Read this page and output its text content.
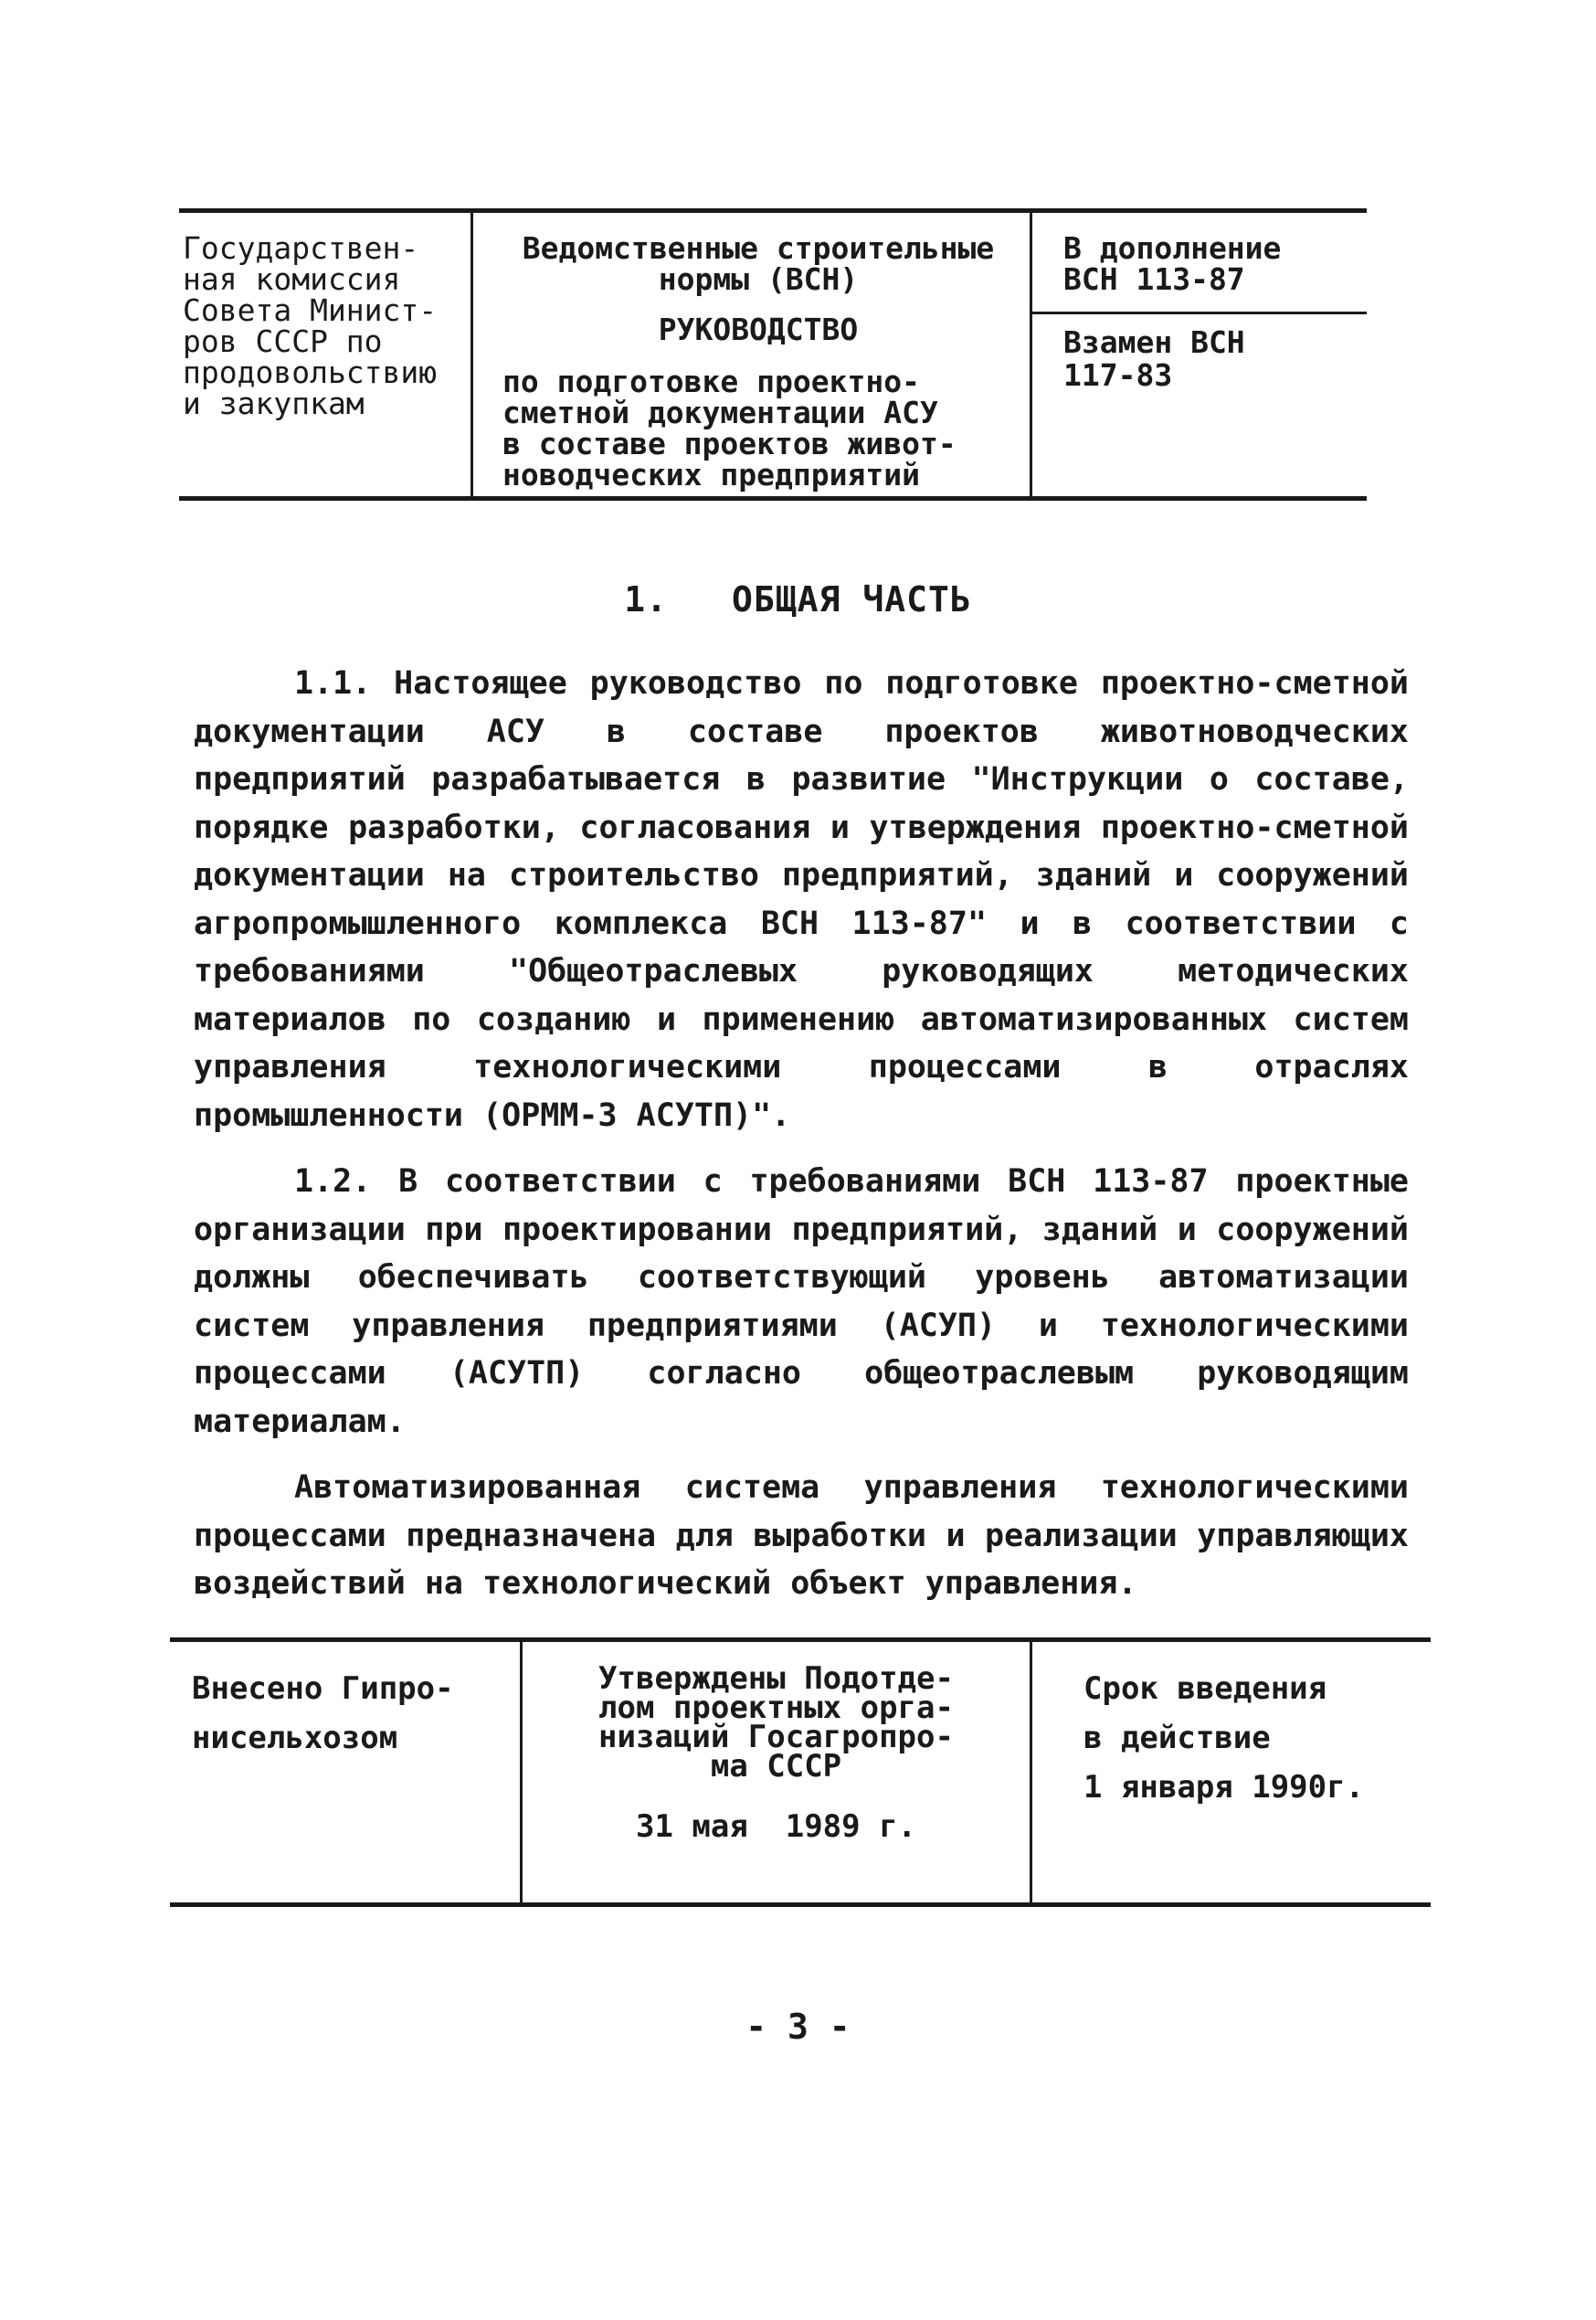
Государствен-
ная комиссия
Совета Минист-
ров СССР по
продовольствию
и закупкам

Ведомственные строительные
нормы (ВСН)

РУКОВОДСТВО

по подготовке проектно-
сметной документации АСУ
в составе проектов живот-
новодческих предприятий

В дополнение
ВСН 113-87

Взамен ВСН
117-83

1. ОБЩАЯ ЧАСТЬ

1.1. Настоящее руководство по подготовке проектно-сметной документации АСУ в составе проектов животноводческих предприятий разрабатывается в развитие "Инструкции о составе, порядке разработки, согласования и утверждения проектно-сметной документации на строительство предприятий, зданий и сооружений агропромышленного комплекса ВСН 113-87" и в соответствии с требованиями "Общеотраслевых руководящих методических материалов по созданию и применению автоматизированных систем управления технологическими процессами в отраслях промышленности (ОРММ-3 АСУТП)".

1.2. В соответствии с требованиями ВСН 113-87 проектные организации при проектировании предприятий, зданий и сооружений должны обеспечивать соответствующий уровень автоматизации систем управления предприятиями (АСУП) и технологическими процессами (АСУТП) согласно общеотраслевым руководящим материалам.

Автоматизированная система управления технологическими процессами предназначена для выработки и реализации управляющих воздействий на технологический объект управления.

Внесено Гипро-
нисельхозом

Утверждены Подотде-
лом проектных орга-
низаций Госагропро-
ма СССР

31 мая  1989 г.

Срок введения
в действие
1 января 1990г.

- 3 -
